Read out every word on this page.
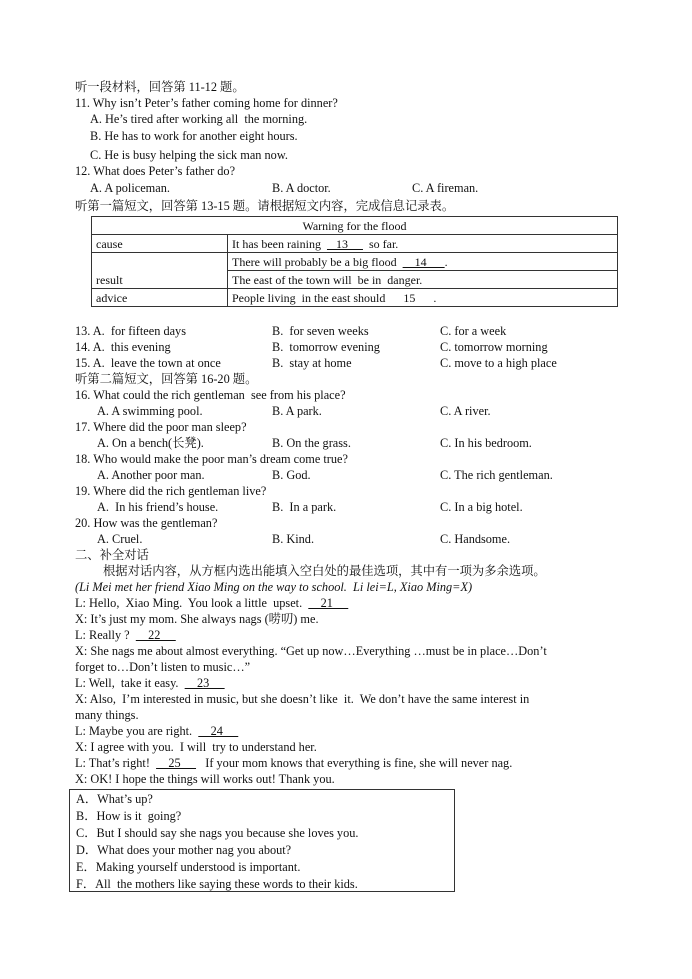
听一段材料，回答第 11-12 题。
11. Why isn’t Peter’s father coming home for dinner?
A. He’s tired after working all  the morning.
B. He has to work for another eight hours.
C. He is busy helping the sick man now.
12. What does Peter’s father do?
A. A policeman.	B. A doctor.	C. A fireman.
听第一篇短文，回答第 13-15 题。请根据短文内容，完成信息记录表。
Warning for the flood	
cause	It has been raining     13       so far.
result	There will probably be a big flood      14      .
	The east of the town will  be in  danger.
advice	People living  in the east should      15      .
13. A.  for fifteen days	B.  for seven weeks	C. for a week
14. A.  this evening	B.  tomorrow evening	C. tomorrow morning
15. A.  leave the town at once	B.  stay at home	C. move to a high place
听第二篇短文，回答第 16-20 题。
16. What could the rich gentleman  see from his place?
A. A swimming pool.	B. A park.	C. A river.
17. Where did the poor man sleep?
A. On a bench(长凳).	B. On the grass.	C. In his bedroom.
18. Who would make the poor man’s dream come true?
A. Another poor man.	B. God.	C. The rich gentleman.
19. Where did the rich gentleman live?
A.  In his friend’s house.	B.  In a park.	C. In a big hotel.
20. How was the gentleman?
A. Cruel.	B. Kind.	C. Handsome.
二、补全对话
根据对话内容，从方框内选出能填入空白处的最佳选项，其中有一项为多余选项。
(Li Mei met her friend Xiao Ming on the way to school.  Li lei=L, Xiao Ming=X)
L: Hello,  Xiao Ming.  You look a little  upset.      21
X: It’s just my mom. She always nags (唠叨) me.
L: Really ?      22
X: She nags me about almost everything. “Get up now…Everything …must be in place…Don’t
forget to…Don’t listen to music…”
L: Well,  take it easy.      23
X: Also,  I’m interested in music, but she doesn’t like  it.  We don’t have the same interest in
many things.
L: Maybe you are right.      24
X: I agree with you.  I will  try to understand her.
L: That’s right!      25        If your mom knows that everything is fine, she will never nag.
X: OK! I hope the things will works out! Thank you.
A．What’s up?
B．How is it  going?
C．But I should say she nags you because she loves you.
D．What does your mother nag you about?
E．Making yourself understood is important.
F．All  the mothers like saying these words to their kids.
